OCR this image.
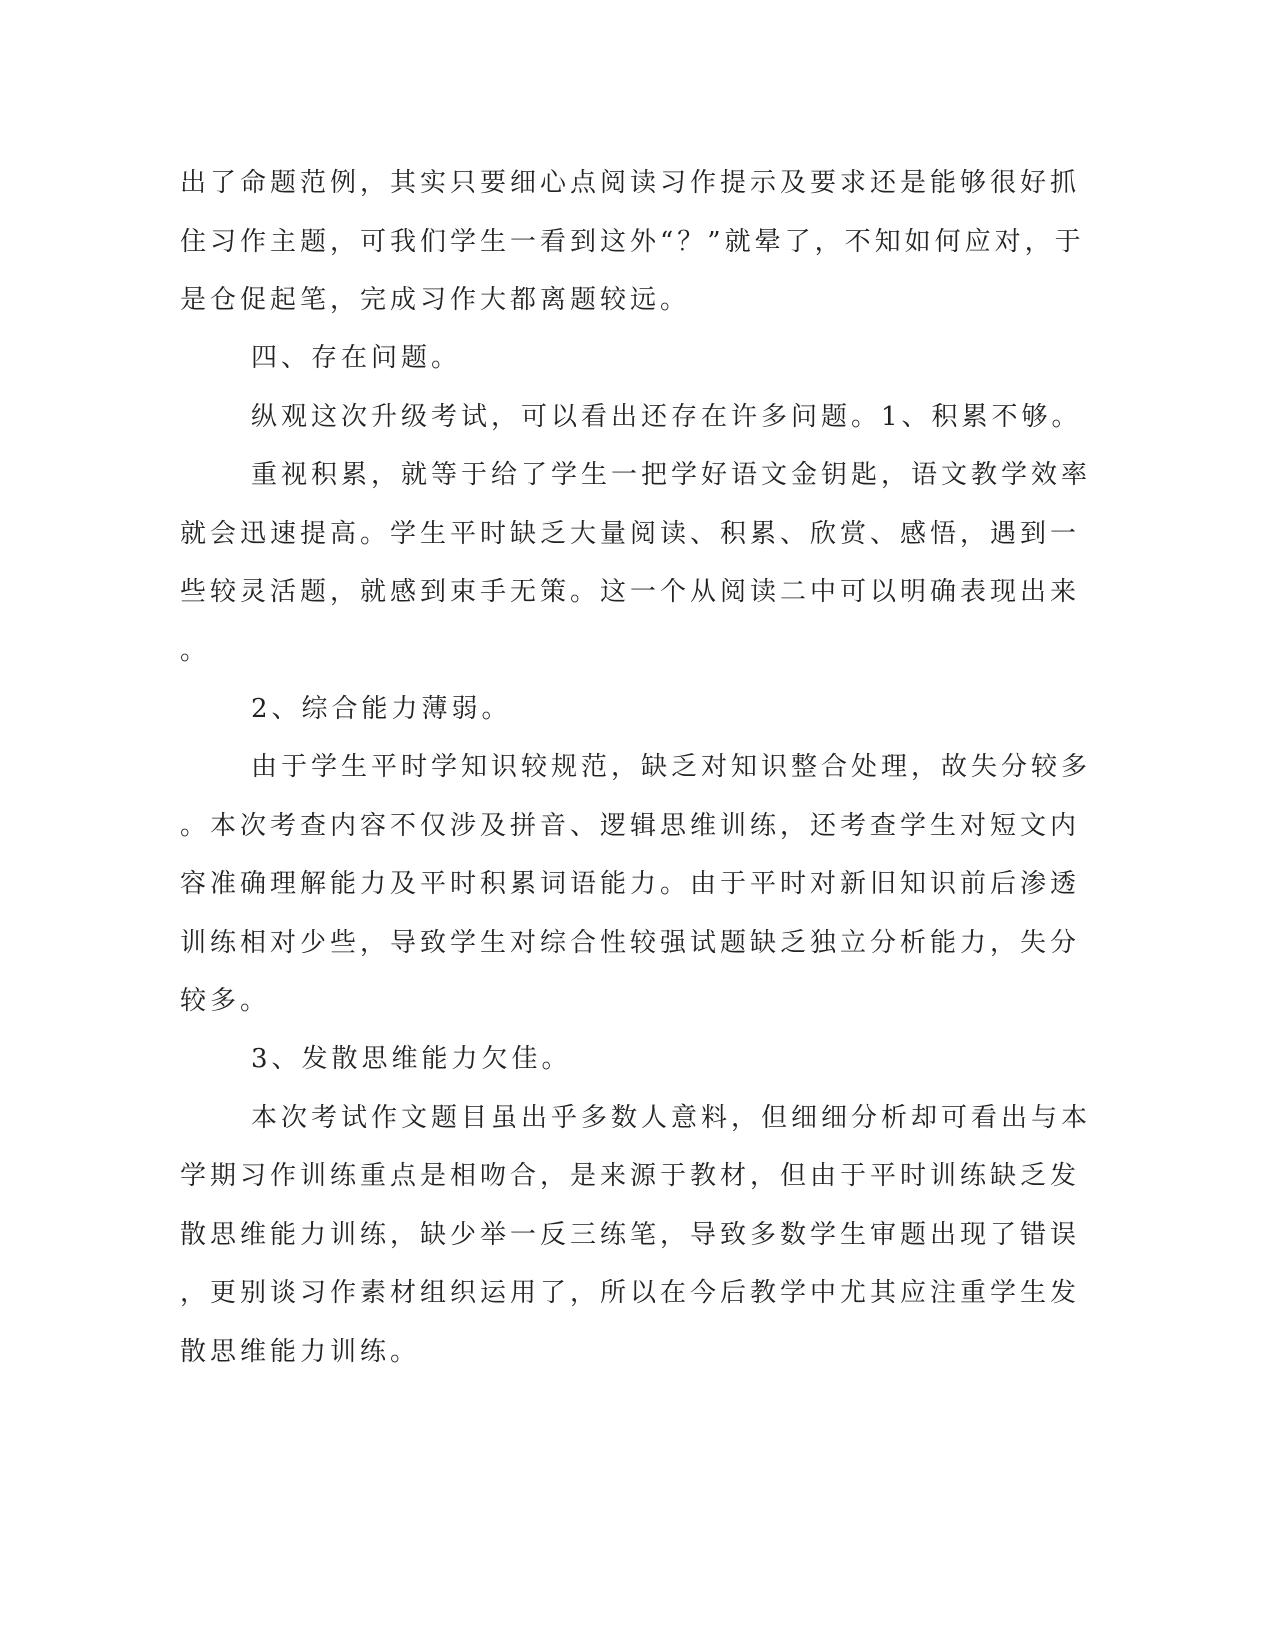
出了命题范例，其实只要细心点阅读习作提示及要求还是能够很好抓
住习作主题，可我们学生一看到这外“？”就晕了，不知如何应对，于
是仓促起笔，完成习作大都离题较远。
四、存在问题。
纵观这次升级考试，可以看出还存在许多问题。1、积累不够。
重视积累，就等于给了学生一把学好语文金钥匙，语文教学效率
就会迅速提高。学生平时缺乏大量阅读、积累、欣赏、感悟，遇到一
些较灵活题，就感到束手无策。这一个从阅读二中可以明确表现出来
。
2、综合能力薄弱。
由于学生平时学知识较规范，缺乏对知识整合处理，故失分较多
。本次考查内容不仅涉及拼音、逻辑思维训练，还考查学生对短文内
容准确理解能力及平时积累词语能力。由于平时对新旧知识前后渗透
训练相对少些，导致学生对综合性较强试题缺乏独立分析能力，失分
较多。
3、发散思维能力欠佳。
本次考试作文题目虽出乎多数人意料，但细细分析却可看出与本
学期习作训练重点是相吻合，是来源于教材，但由于平时训练缺乏发
散思维能力训练，缺少举一反三练笔，导致多数学生审题出现了错误
，更别谈习作素材组织运用了，所以在今后教学中尤其应注重学生发
散思维能力训练。
